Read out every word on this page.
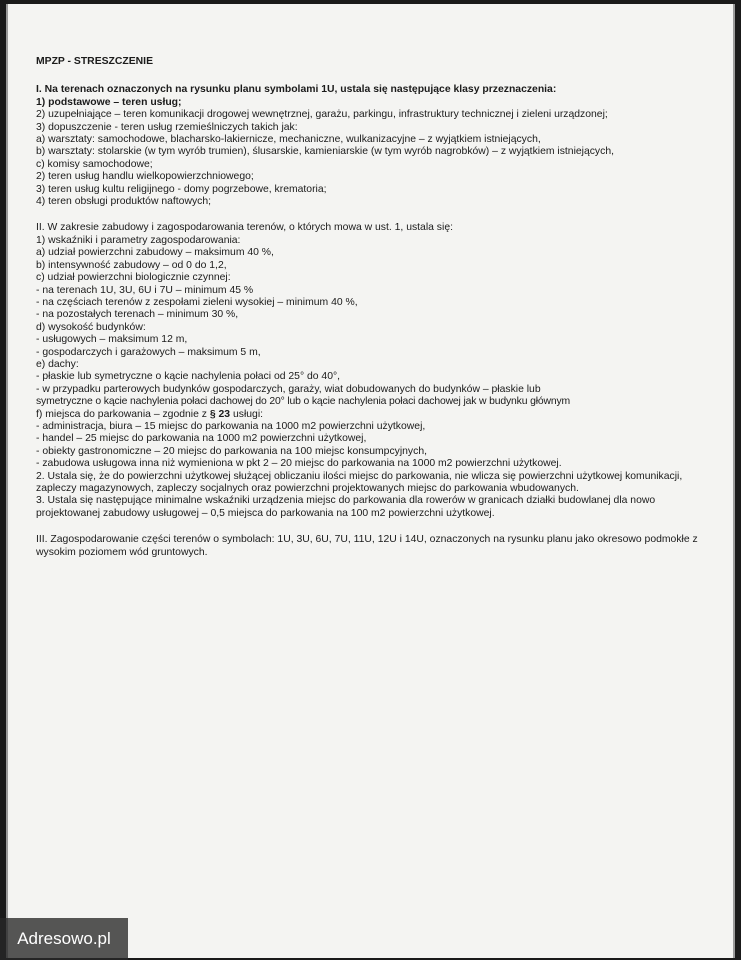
MPZP - STRESZCZENIE
I. Na terenach oznaczonych na rysunku planu symbolami 1U, ustala się następujące klasy przeznaczenia:
1) podstawowe – teren usług;
2) uzupełniające – teren komunikacji drogowej wewnętrznej, garażu, parkingu, infrastruktury technicznej i zieleni urządzonej;
3) dopuszczenie - teren usług rzemieślniczych takich jak:
a) warsztaty: samochodowe, blacharsko-lakiernicze, mechaniczne, wulkanizacyjne – z wyjątkiem istniejących,
b) warsztaty: stolarskie (w tym wyrób trumien), ślusarskie, kamieniarskie (w tym wyrób nagrobków) – z wyjątkiem istniejących,
c) komisy samochodowe;
2) teren usług handlu wielkopowierzchniowego;
3) teren usług kultu religijnego - domy pogrzebowe, krematoria;
4) teren obsługi produktów naftowych;
II. W zakresie zabudowy i zagospodarowania terenów, o których mowa w ust. 1, ustala się:
1) wskaźniki i parametry zagospodarowania:
a) udział powierzchni zabudowy – maksimum 40 %,
b) intensywność zabudowy – od 0 do 1,2,
c) udział powierzchni biologicznie czynnej:
- na terenach 1U, 3U, 6U i 7U – minimum 45 %
- na częściach terenów z zespołami zieleni wysokiej – minimum 40 %,
- na pozostałych terenach – minimum 30 %,
d) wysokość budynków:
- usługowych – maksimum 12 m,
- gospodarczych i garażowych – maksimum 5 m,
e) dachy:
- płaskie lub symetryczne o kącie nachylenia połaci od 25° do 40°,
- w przypadku parterowych budynków gospodarczych, garaży, wiat dobudowanych do budynków – płaskie lub
symetryczne o kącie nachylenia połaci dachowej do 20° lub o kącie nachylenia połaci dachowej jak w budynku głównym
f) miejsca do parkowania – zgodnie z § 23 usługi:
- administracja, biura – 15 miejsc do parkowania na 1000 m2 powierzchni użytkowej,
- handel – 25 miejsc do parkowania na 1000 m2 powierzchni użytkowej,
- obiekty gastronomiczne – 20 miejsc do parkowania na 100 miejsc konsumpcyjnych,
- zabudowa usługowa inna niż wymieniona w pkt 2 – 20 miejsc do parkowania na 1000 m2 powierzchni użytkowej.
2. Ustala się, że do powierzchni użytkowej służącej obliczaniu ilości miejsc do parkowania, nie wlicza się powierzchni użytkowej komunikacji, zapleczy magazynowych, zapleczy socjalnych oraz powierzchni projektowanych miejsc do parkowania wbudowanych.
3. Ustala się następujące minimalne wskaźniki urządzenia miejsc do parkowania dla rowerów w granicach działki budowlanej dla nowo projektowanej zabudowy usługowej – 0,5 miejsca do parkowania na 100 m2 powierzchni użytkowej.
III. Zagospodarowanie części terenów o symbolach: 1U, 3U, 6U, 7U, 11U, 12U i 14U, oznaczonych na rysunku planu jako okresowo podmokłe z wysokim poziomem wód gruntowych.
Adresowo.pl
